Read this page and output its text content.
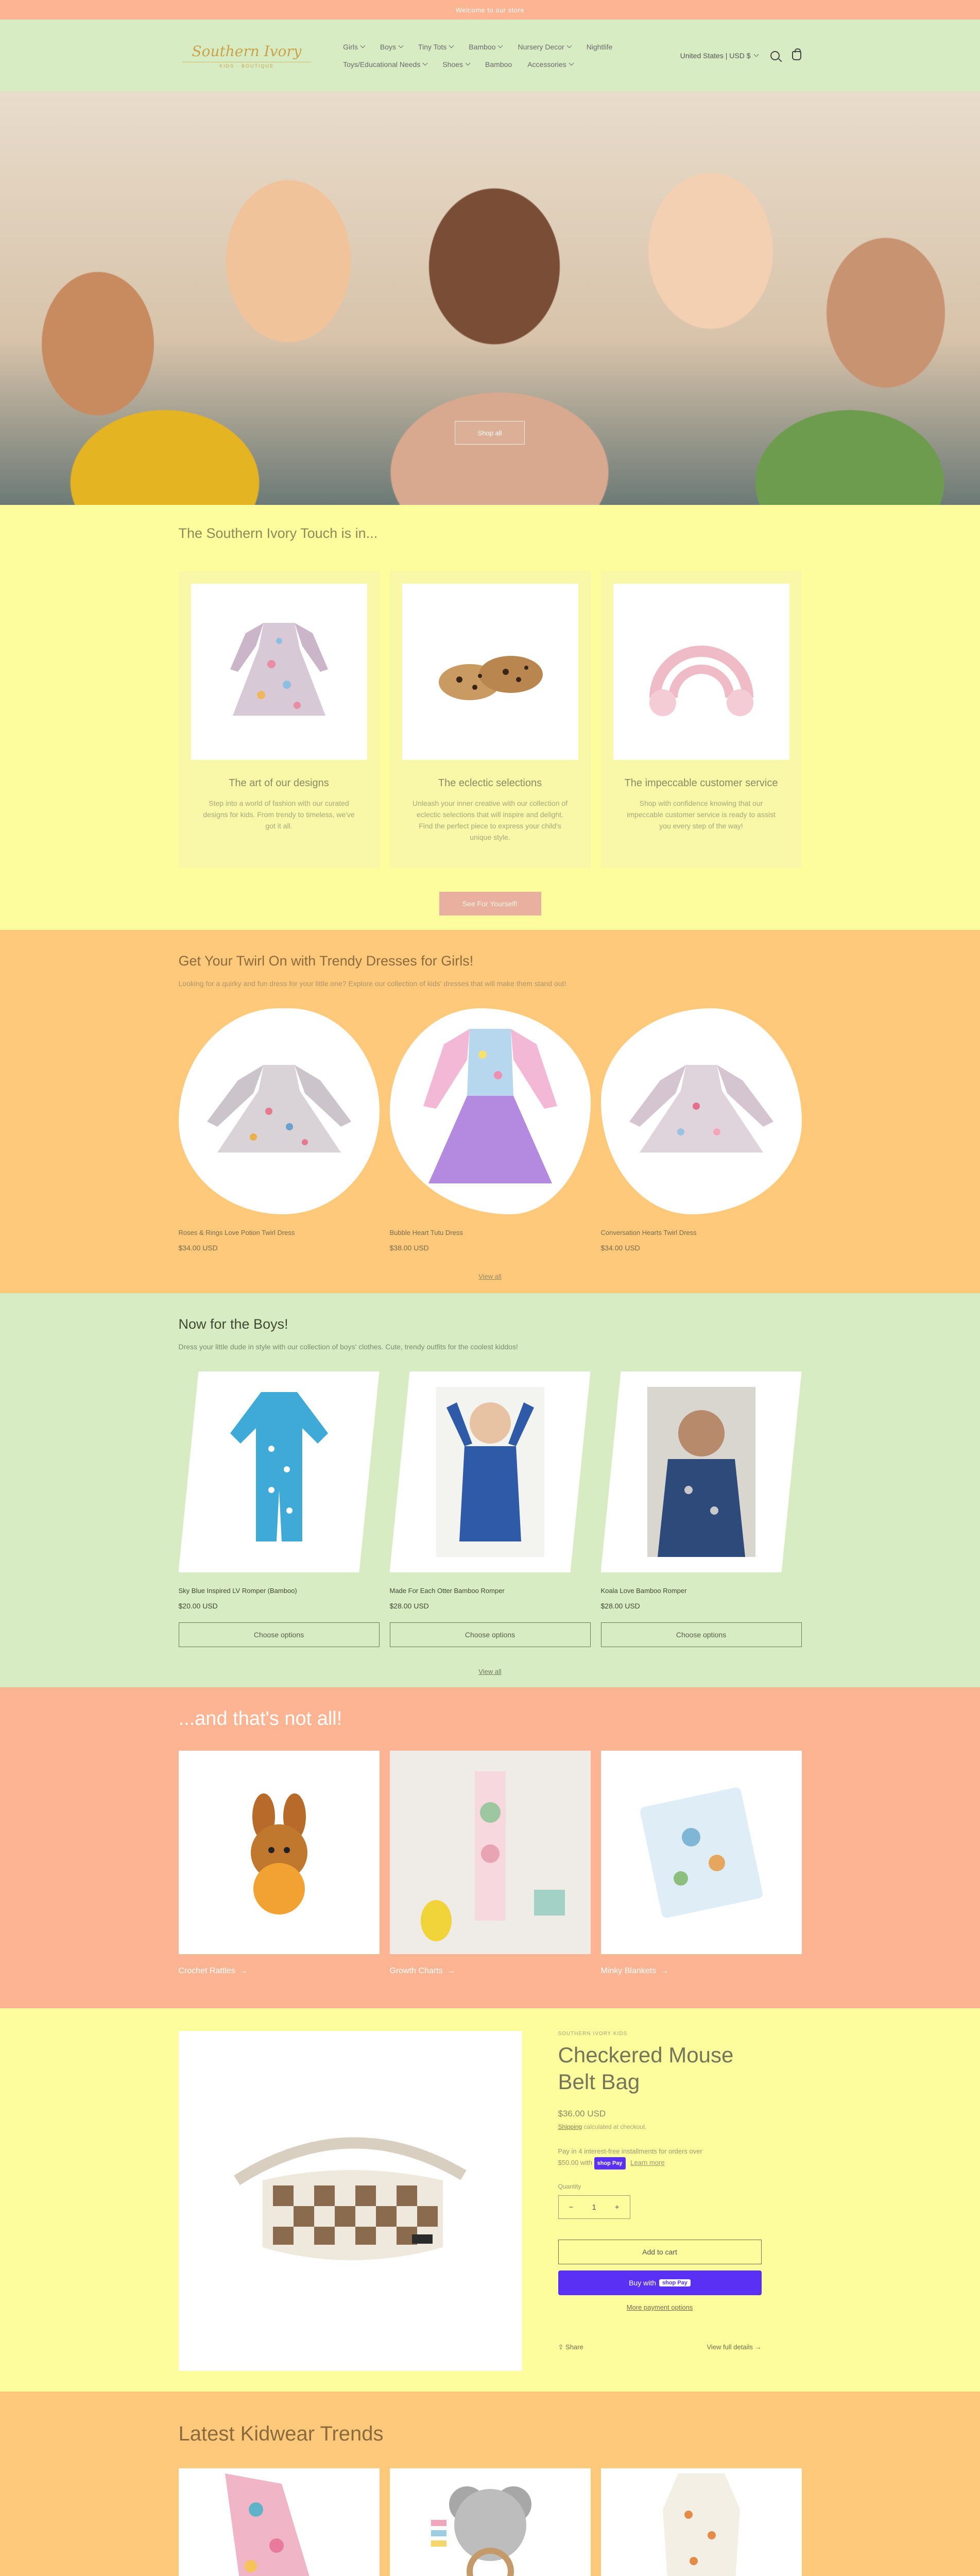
Welcome to our store
Southern Ivory
KIDS · BOUTIQUE
Girls	Boys	Tiny Tots	Bamboo	Nursery Decor	Nightlife
Toys/Educational Needs	Shoes	Bamboo Accessories
United States | USD $
Shop all
The Southern Ivory Touch is in...
The art of our designs

Step into a world of fashion with our curated designs for kids. From trendy to timeless, we've got it all.

The eclectic selections

Unleash your inner creative with our collection of eclectic selections that will inspire and delight. Find the perfect piece to express your child's unique style.

The impeccable customer service

Shop with confidence knowing that our impeccable customer service is ready to assist you every step of the way!

See For Yourself!
Get Your Twirl On with Trendy Dresses for Girls!

Looking for a quirky and fun dress for your little one? Explore our collection of kids' dresses that will make them stand out!

Roses & Rings Love Potion Twirl Dress
$34.00 USD
Bubble Heart Tutu Dress
$38.00 USD
Conversation Hearts Twirl Dress
$34.00 USD
View all
Now for the Boys!

Dress your little dude in style with our collection of boys' clothes. Cute, trendy outfits for the coolest kiddos!

Sky Blue Inspired LV Romper (Bamboo)
$20.00 USD
Choose options
Made For Each Otter Bamboo Romper
$28.00 USD
Choose options
Koala Love Bamboo Romper
$28.00 USD
Choose options
View all
...and that's not all!
Crochet Rattles →	Growth Charts →	Minky Blankets →
SOUTHERN IVORY KIDS
Checkered Mouse Belt Bag
$36.00 USD
Shipping calculated at checkout.
Pay in 4 interest-free installments for orders over
$50.00 with shop Pay Learn more
Quantity
− 1 +
Add to cart
Buy with	shop Pay
More payment options
⇪ Share	View full details →
Latest Kidwear Trends
